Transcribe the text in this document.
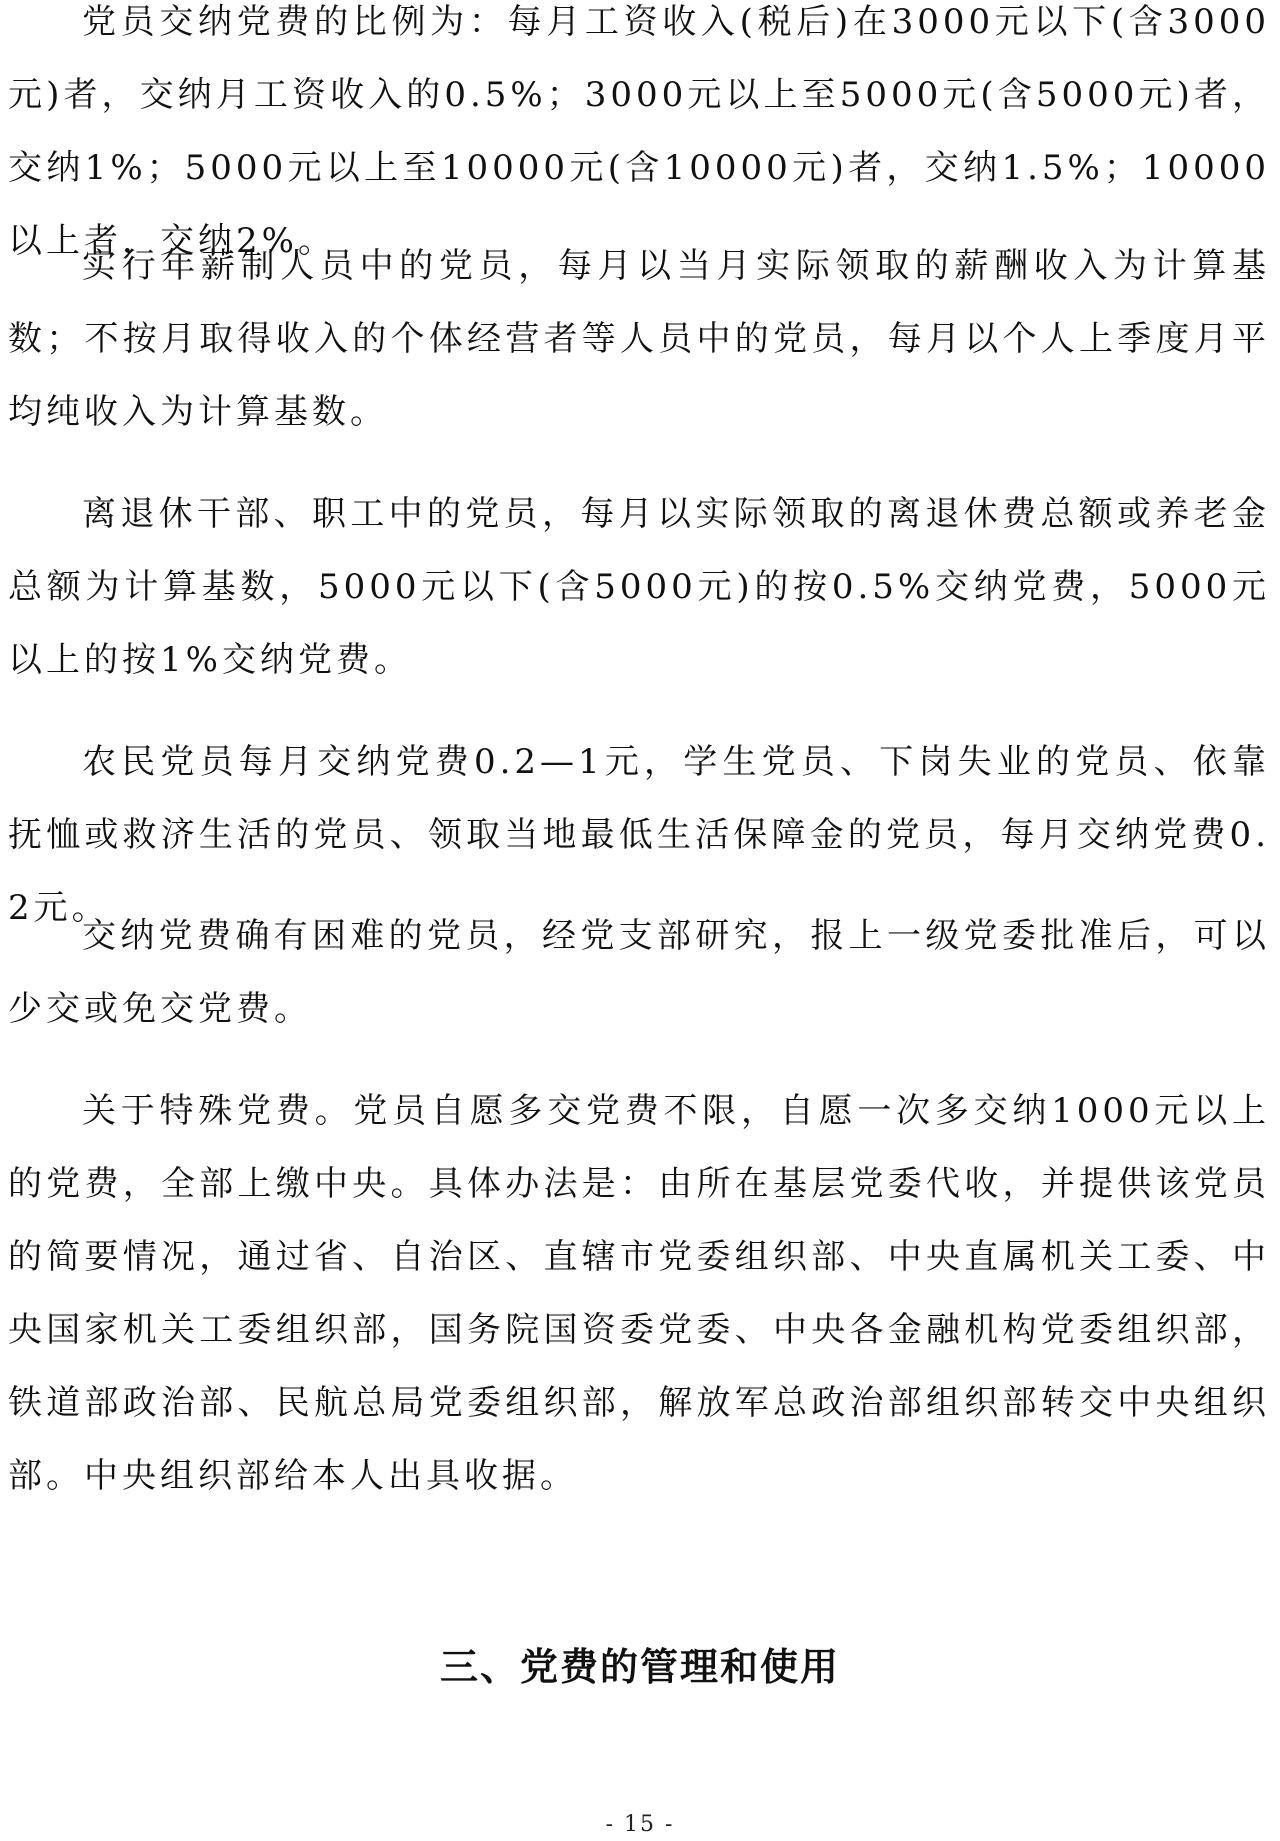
党员交纳党费的比例为：每月工资收入(税后)在3000元以下(含3000元)者，交纳月工资收入的0.5%；3000元以上至5000元(含5000元)者，交纳1%；5000元以上至10000元(含10000元)者，交纳1.5%；10000以上者，交纳2%。

实行年薪制人员中的党员，每月以当月实际领取的薪酬收入为计算基数；不按月取得收入的个体经营者等人员中的党员，每月以个人上季度月平均纯收入为计算基数。

离退休干部、职工中的党员，每月以实际领取的离退休费总额或养老金总额为计算基数，5000元以下(含5000元)的按0.5%交纳党费，5000元以上的按1%交纳党费。

农民党员每月交纳党费0.2—1元，学生党员、下岗失业的党员、依靠抚恤或救济生活的党员、领取当地最低生活保障金的党员，每月交纳党费0.2元。

交纳党费确有困难的党员，经党支部研究，报上一级党委批准后，可以少交或免交党费。

关于特殊党费。党员自愿多交党费不限，自愿一次多交纳1000元以上的党费，全部上缴中央。具体办法是：由所在基层党委代收，并提供该党员的简要情况，通过省、自治区、直辖市党委组织部、中央直属机关工委、中央国家机关工委组织部，国务院国资委党委、中央各金融机构党委组织部，铁道部政治部、民航总局党委组织部，解放军总政治部组织部转交中央组织部。中央组织部给本人出具收据。

三、党费的管理和使用
- 15 -
